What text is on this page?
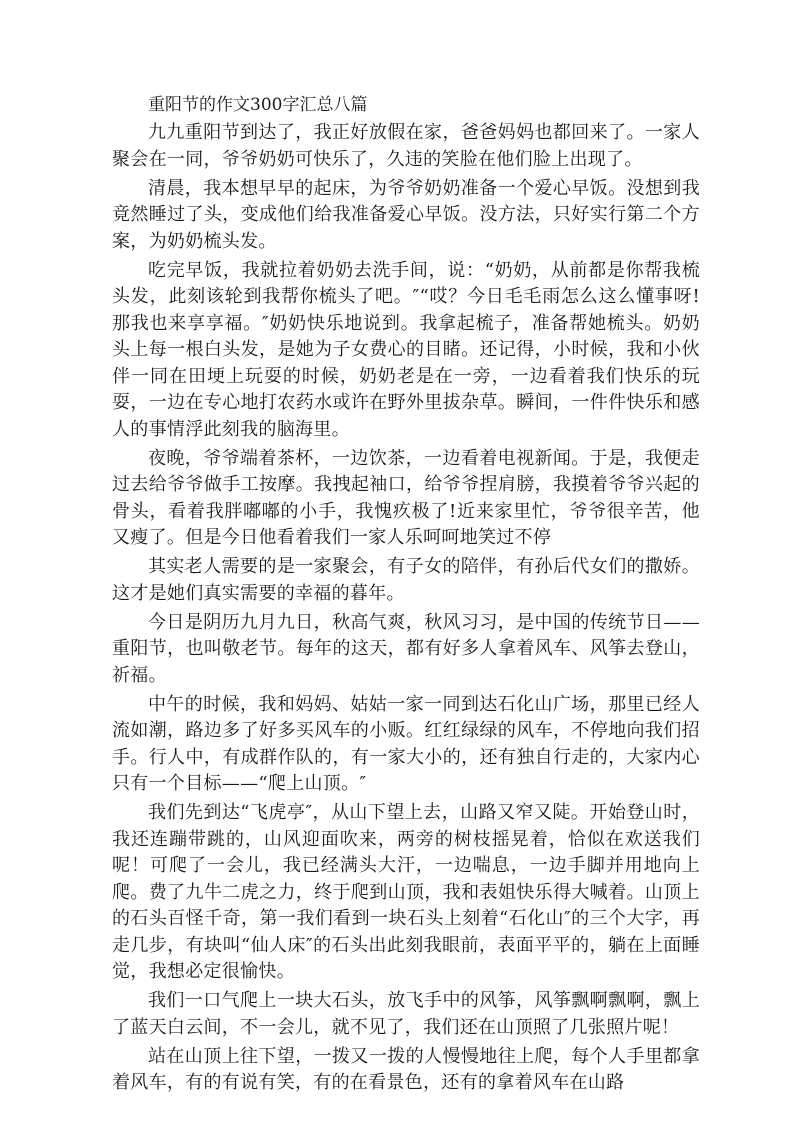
重阳节的作文300字汇总八篇

九九重阳节到达了，我正好放假在家，爸爸妈妈也都回来了。一家人聚会在一同，爷爷奶奶可快乐了，久违的笑脸在他们脸上出现了。

清晨，我本想早早的起床，为爷爷奶奶准备一个爱心早饭。没想到我竟然睡过了头，变成他们给我准备爱心早饭。没方法，只好实行第二个方案，为奶奶梳头发。

吃完早饭，我就拉着奶奶去洗手间，说：“奶奶，从前都是你帮我梳头发，此刻该轮到我帮你梳头了吧。″“哎？今日毛毛雨怎么这么懂事呀!那我也来享享福。″奶奶快乐地说到。我拿起梳子，准备帮她梳头。奶奶头上每一根白头发，是她为子女费心的目睹。还记得，小时候，我和小伙伴一同在田埂上玩耍的时候，奶奶老是在一旁，一边看着我们快乐的玩耍，一边在专心地打农药水或许在野外里拔杂草。瞬间，一件件快乐和感人的事情浮此刻我的脑海里。

夜晚，爷爷端着茶杯，一边饮茶，一边看着电视新闻。于是，我便走过去给爷爷做手工按摩。我拽起袖口，给爷爷捏肩膀，我摸着爷爷兴起的骨头，看着我胖嘟嘟的小手，我愧疚极了!近来家里忙，爷爷很辛苦，他又瘦了。但是今日他看着我们一家人乐呵呵地笑过不停

其实老人需要的是一家聚会，有子女的陪伴，有孙后代女们的撒娇。这才是她们真实需要的幸福的暮年。

今日是阴历九月九日，秋高气爽，秋风习习，是中国的传统节日——重阳节，也叫敬老节。每年的这天，都有好多人拿着风车、风筝去登山，祈福。

中午的时候，我和妈妈、姑姑一家一同到达石化山广场，那里已经人流如潮，路边多了好多买风车的小贩。红红绿绿的风车，不停地向我们招手。行人中，有成群作队的，有一家大小的，还有独自行走的，大家内心只有一个目标——“爬上山顶。″

我们先到达“飞虎亭″，从山下望上去，山路又窄又陡。开始登山时，我还连蹦带跳的，山风迎面吹来，两旁的树枝摇晃着，恰似在欢送我们呢！可爬了一会儿，我已经满头大汗，一边喘息，一边手脚并用地向上爬。费了九牛二虎之力，终于爬到山顶，我和表姐快乐得大喊着。山顶上的石头百怪千奇，第一我们看到一块石头上刻着“石化山″的三个大字，再走几步，有块叫“仙人床″的石头出此刻我眼前，表面平平的，躺在上面睡觉，我想必定很愉快。

我们一口气爬上一块大石头，放飞手中的风筝，风筝飘啊飘啊，飘上了蓝天白云间，不一会儿，就不见了，我们还在山顶照了几张照片呢！

站在山顶上往下望，一拨又一拨的人慢慢地往上爬，每个人手里都拿着风车，有的有说有笑，有的在看景色，还有的拿着风车在山路
